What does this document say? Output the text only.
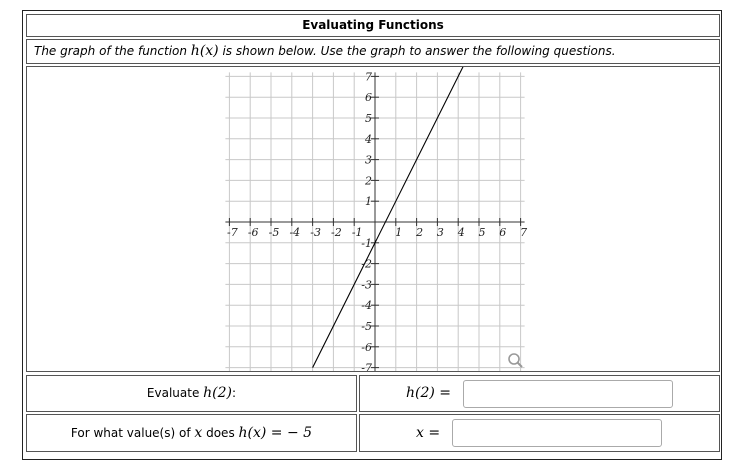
Evaluating Functions
The graph of the function h(x) is shown below. Use the graph to answer the following questions.
-7 -6 -5 -4 -3 -2 -1	1 2 3 4 5 6 7
7
6
5
4
3
2
1
-1
-2
-3
-4
-5
-6
-7
Evaluate h(2):	h(2) =
For what value(s) of x does h(x) = − 5	x =
